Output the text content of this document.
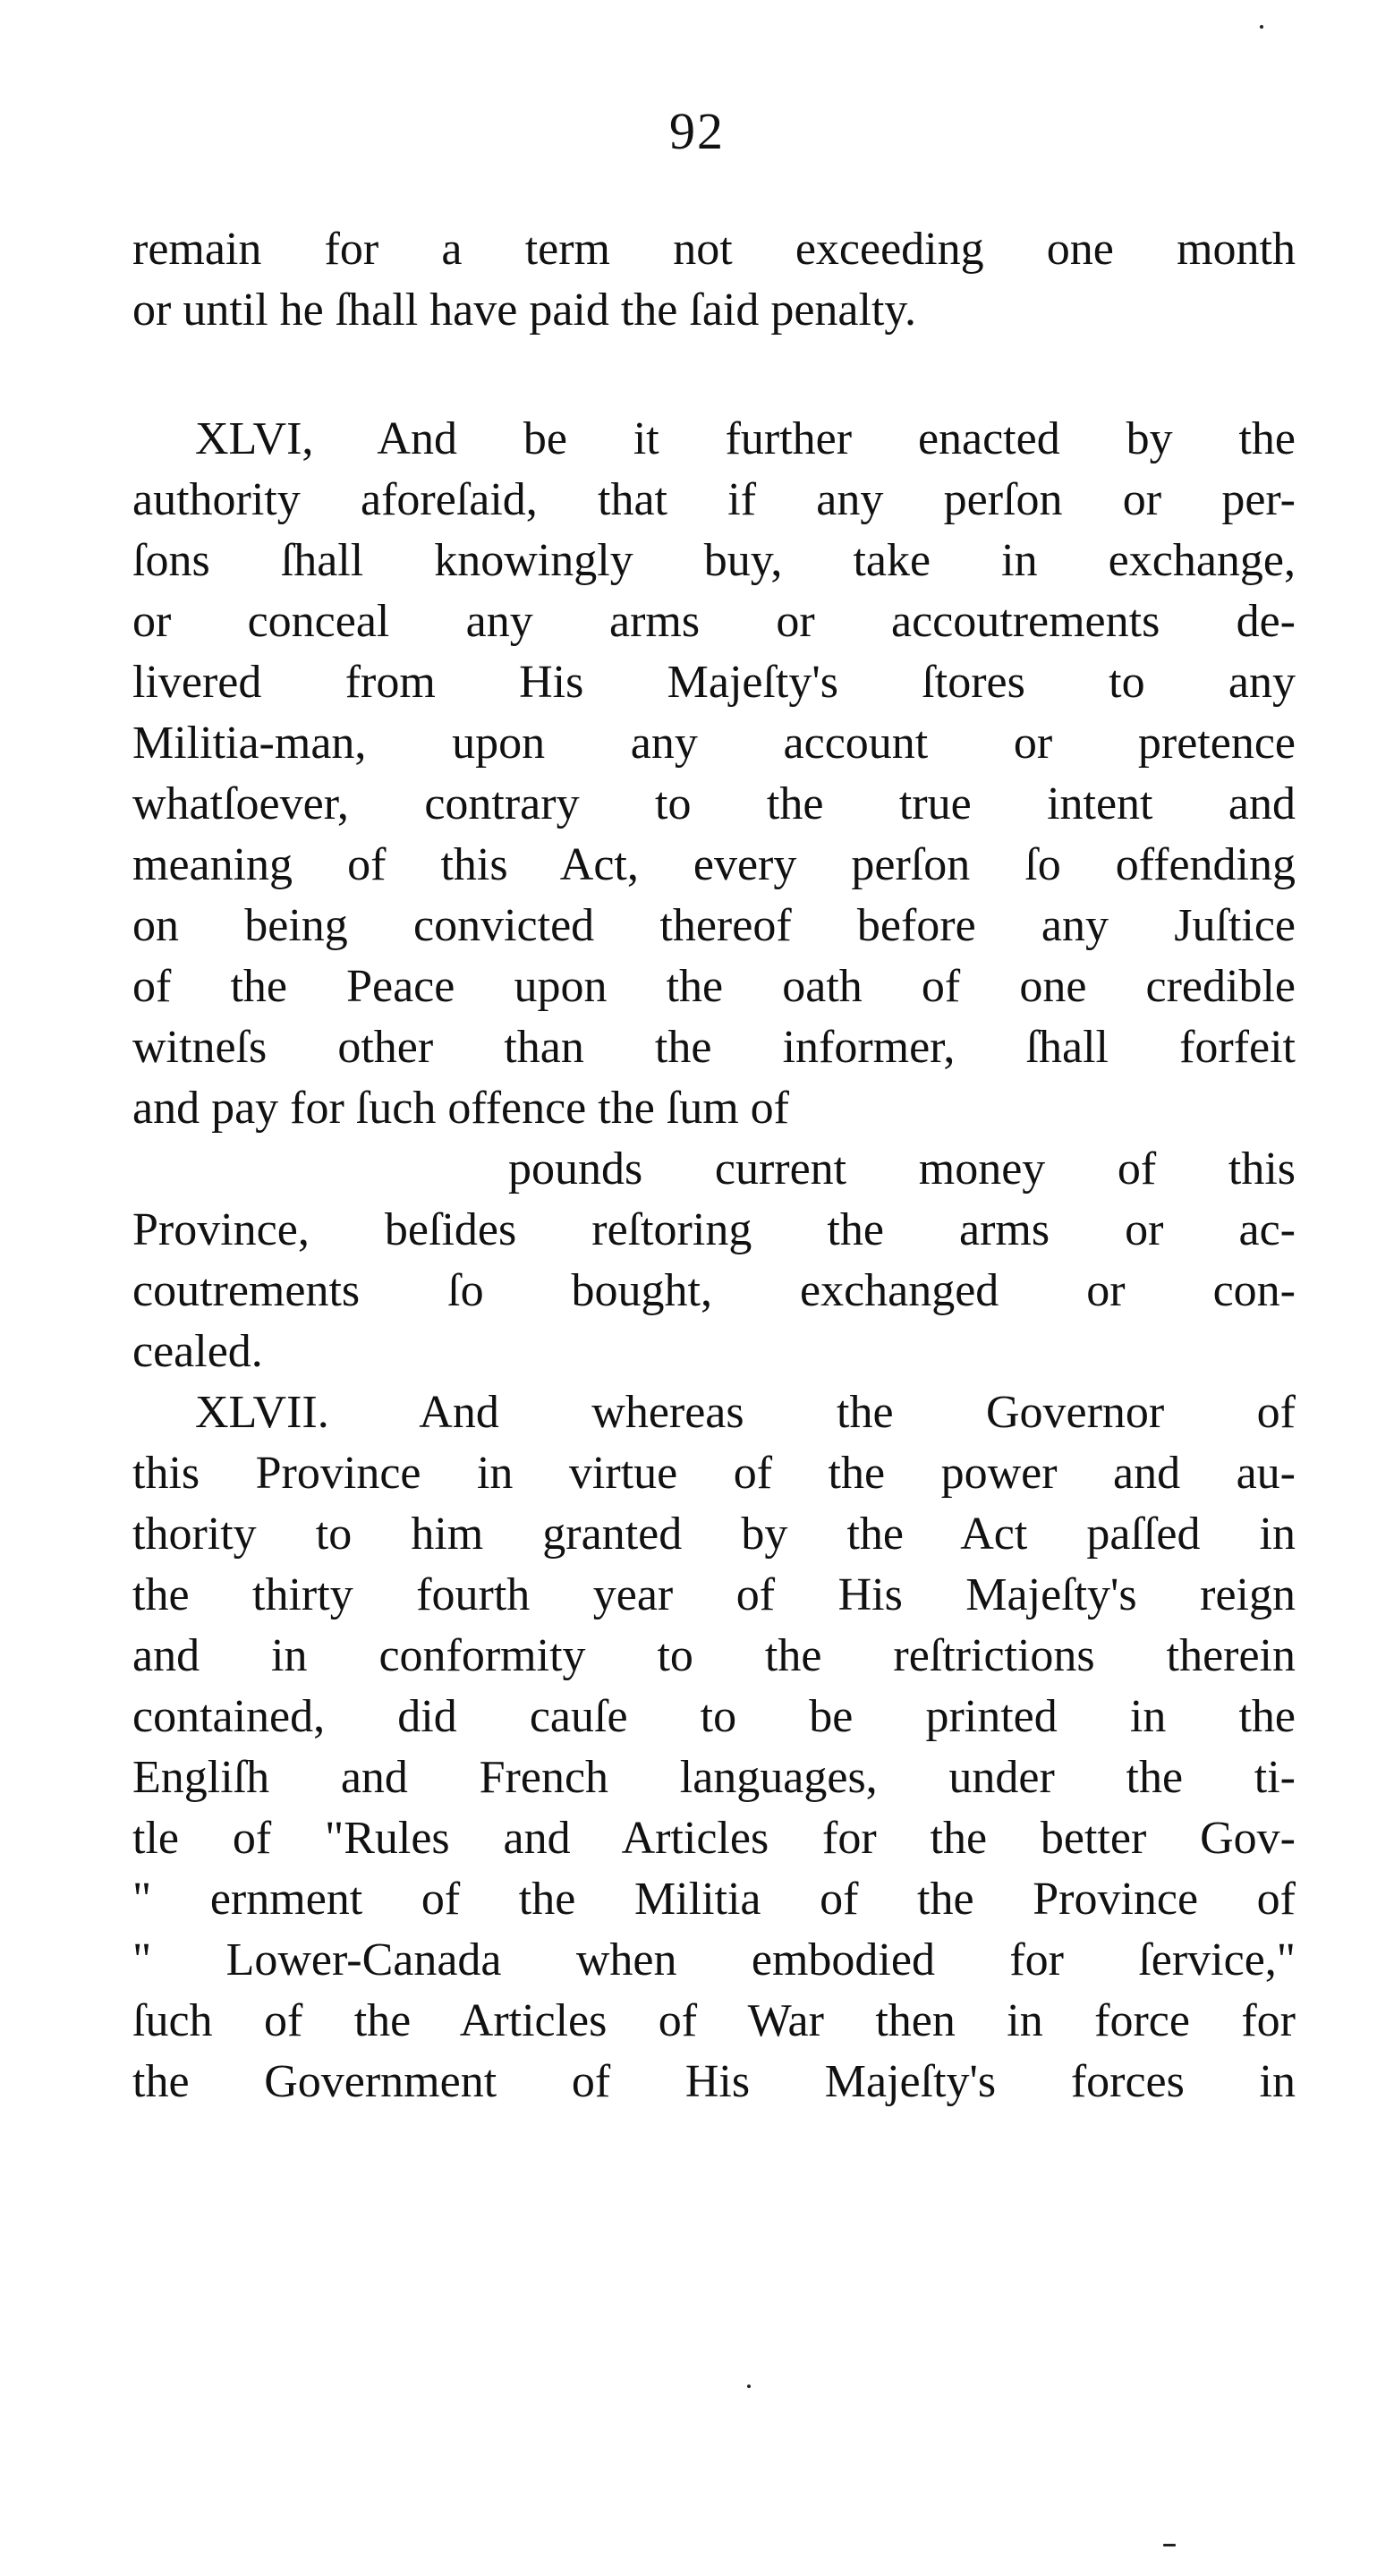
92
remain for a term not exceeding one month
or until he ſhall have paid the ſaid penalty.
XLVI, And be it further enacted by the
authority aforeſaid, that if any perſon or per-
ſons ſhall knowingly buy, take in exchange,
or conceal any arms or accoutrements de-
livered from His Majeſty's ſtores to any
Militia-man, upon any account or pretence
whatſoever, contrary to the true intent and
meaning of this Act, every perſon ſo offending
on being convicted thereof before any Juſtice
of the Peace upon the oath of one credible
witneſs other than the informer, ſhall forfeit
and pay for ſuch offence the ſum of
pounds current money of this
Province, beſides reſtoring the arms or ac-
coutrements ſo bought, exchanged or con-
cealed.
XLVII. And whereas the Governor of
this Province in virtue of the power and au-
thority to him granted by the Act paſſed in
the thirty fourth year of His Majeſty's reign
and in conformity to the reſtrictions therein
contained, did cauſe to be printed in the
Engliſh and French languages, under the ti-
tle of "Rules and Articles for the better Gov-
" ernment of the Militia of the Province of
" Lower-Canada when embodied for ſervice,"
ſuch of the Articles of War then in force for
the Government of His Majeſty's forces in
